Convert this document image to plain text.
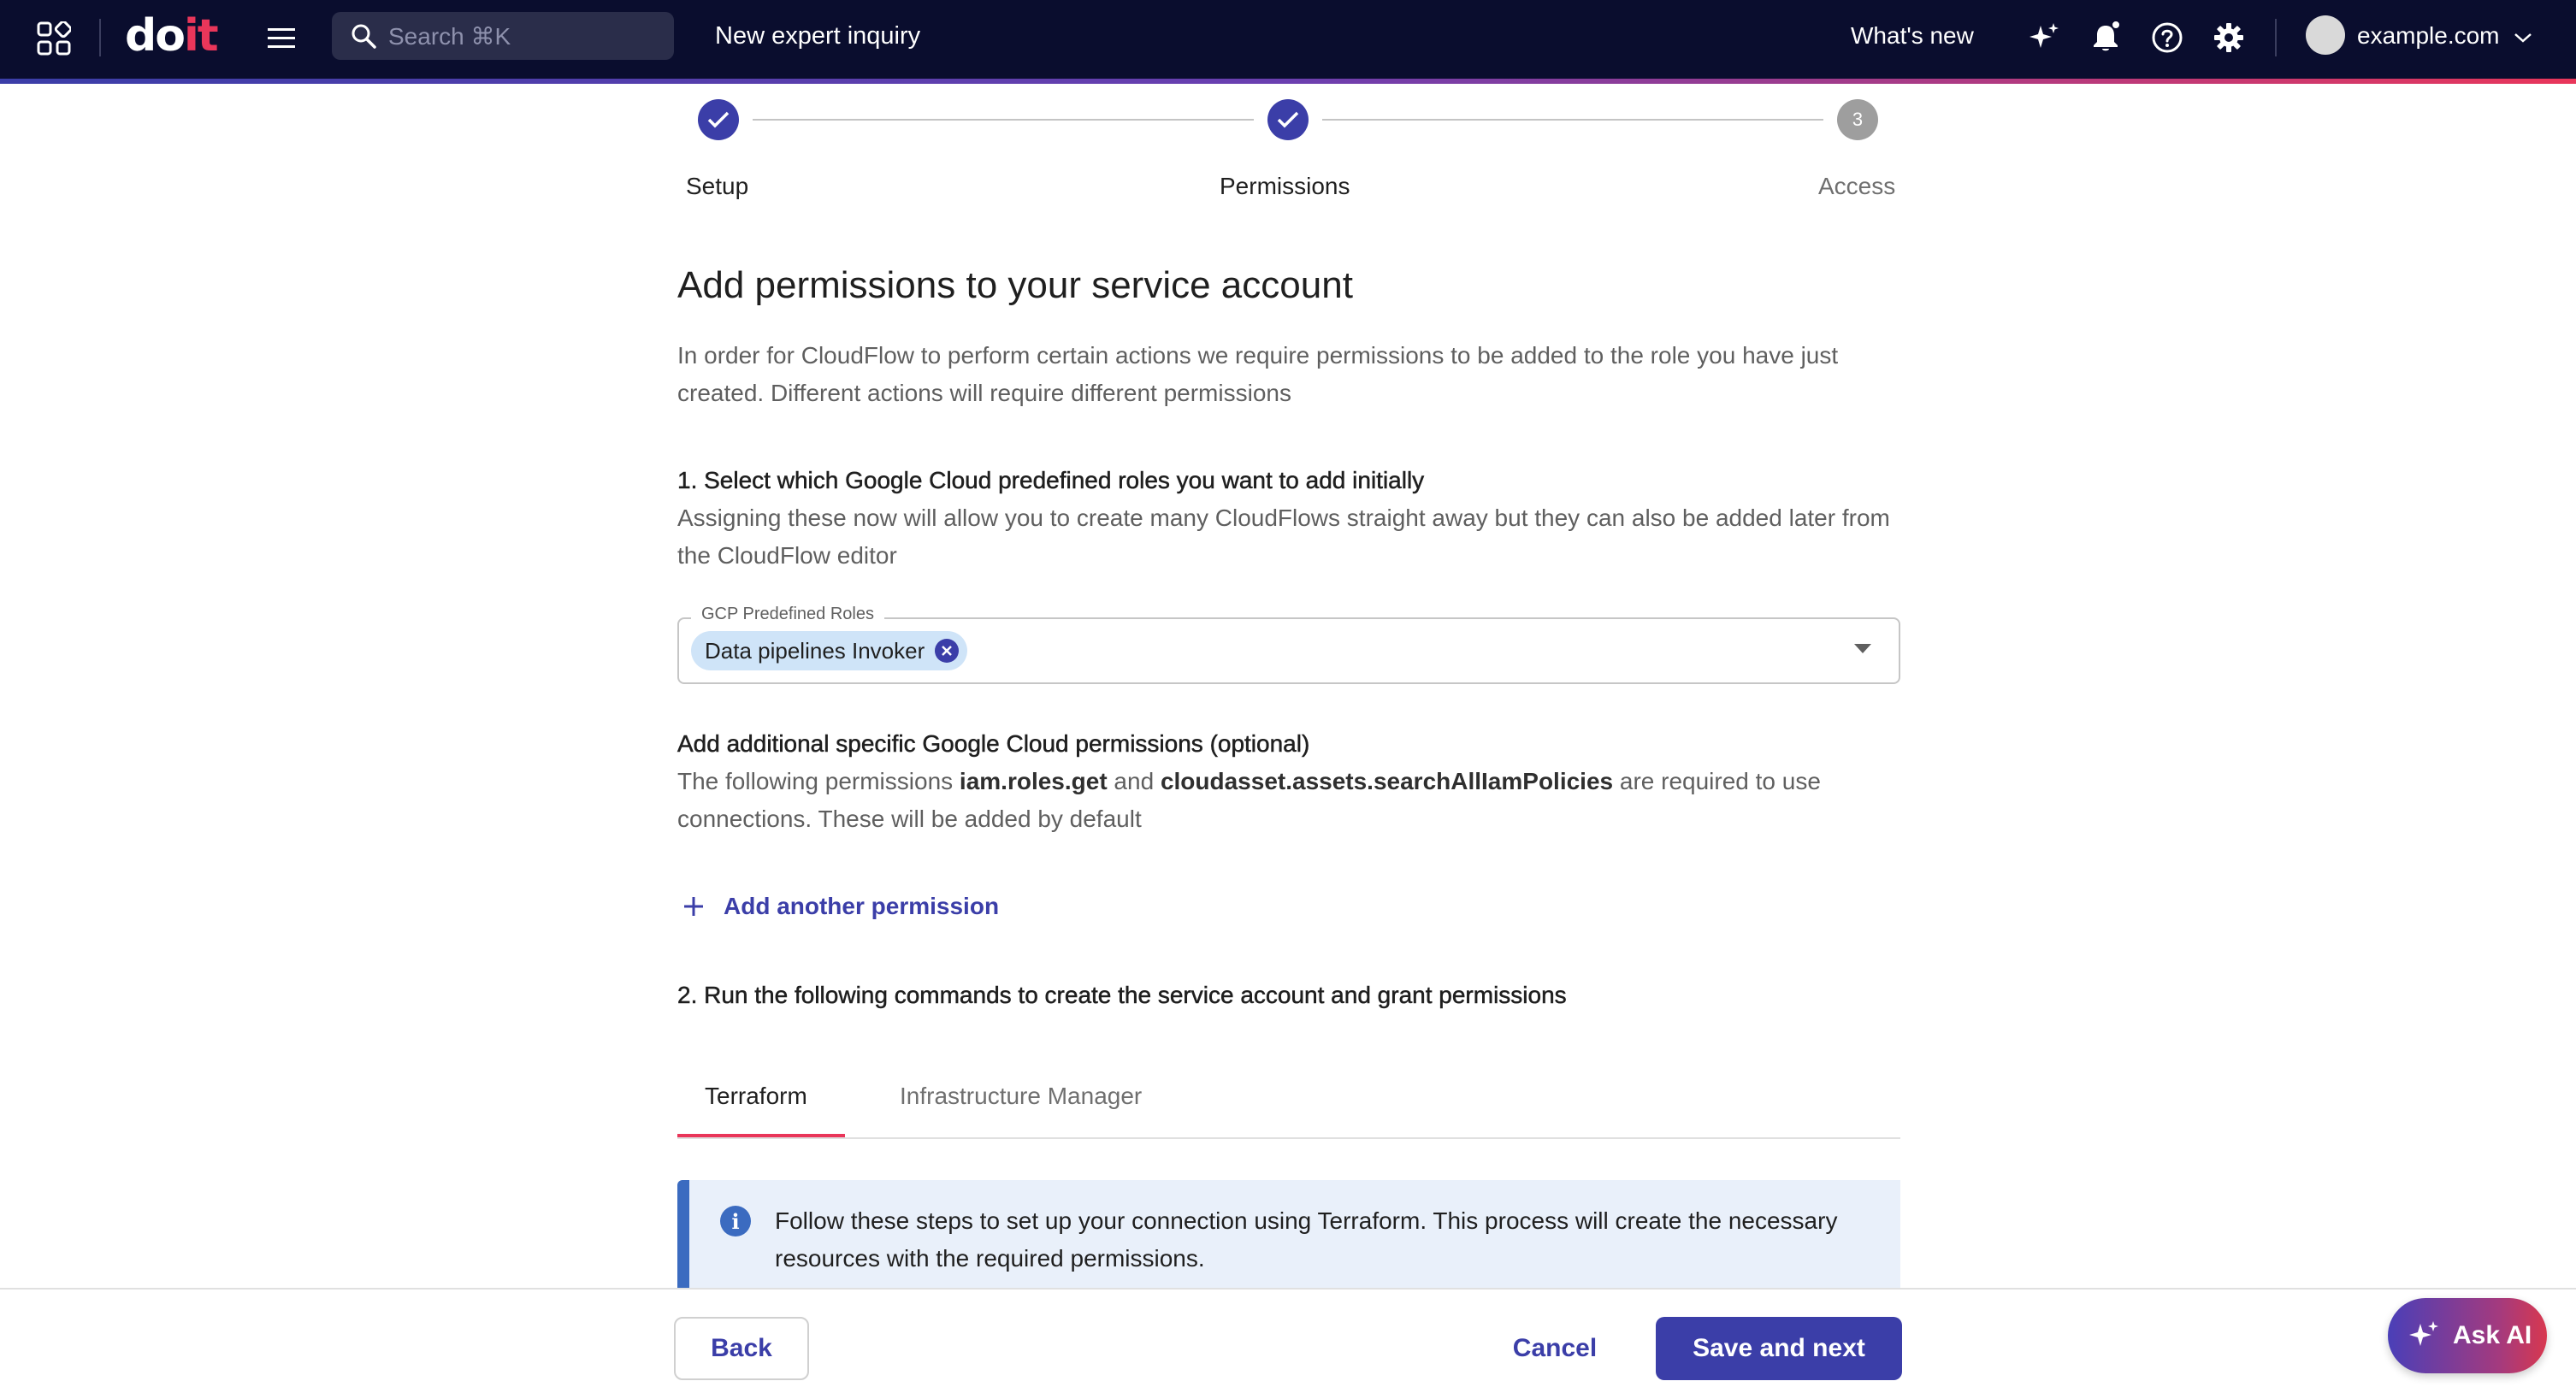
doit	Search ⌘K	New expert inquiry	What's new	example.com
3
Setup	Permissions	Access
Add permissions to your service account
In order for CloudFlow to perform certain actions we require permissions to be added to the role you have just created. Different actions will require different permissions
1. Select which Google Cloud predefined roles you want to add initially
Assigning these now will allow you to create many CloudFlows straight away but they can also be added later from the CloudFlow editor
GCP Predefined Roles
Data pipelines Invoker
Add additional specific Google Cloud permissions (optional)
The following permissions iam.roles.get and cloudasset.assets.searchAllIamPolicies are required to use connections. These will be added by default
Add another permission
2. Run the following commands to create the service account and grant permissions
Terraform	Infrastructure Manager
i	Follow these steps to set up your connection using Terraform. This process will create the necessary resources with the required permissions.
Back	Cancel	Save and next	Ask AI
